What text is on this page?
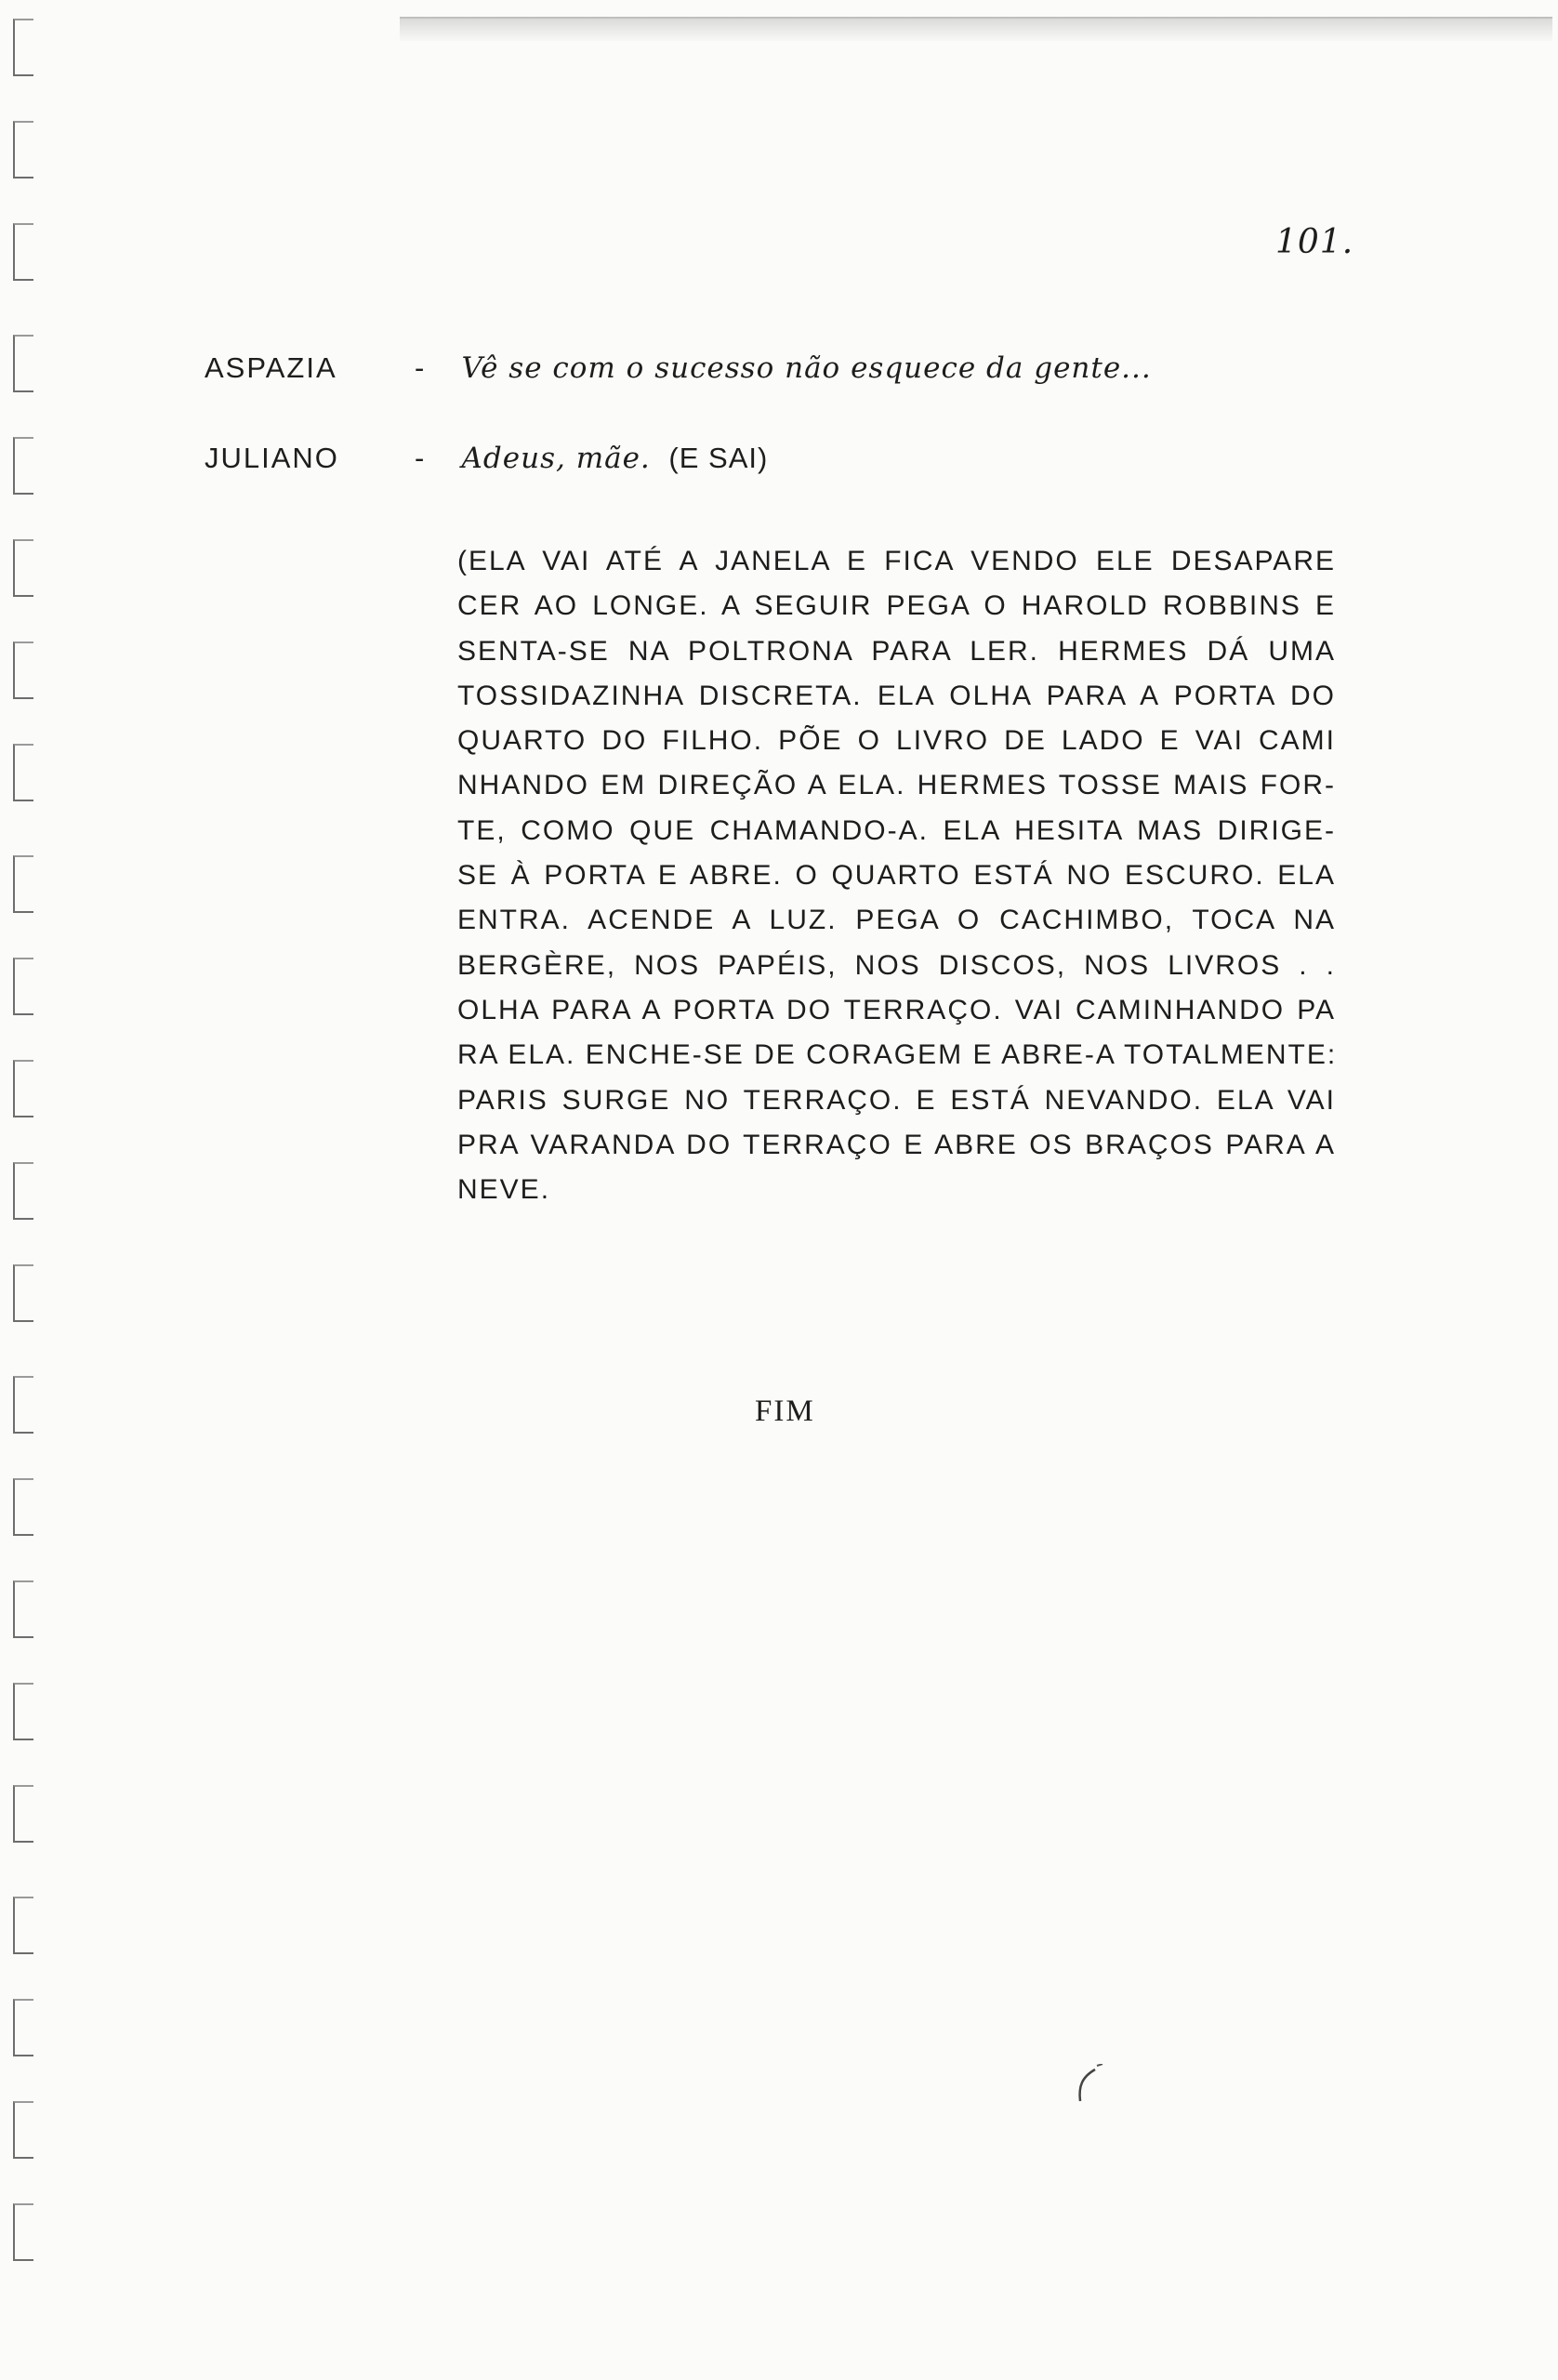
101.
ASPAZIA	- Vê se com o sucesso não esquece da gente...
JULIANO	- Adeus, mãe. (E SAI)
(ELA VAI ATÉ A JANELA E FICA VENDO ELE DESAPARE
CER AO LONGE. A SEGUIR PEGA O HAROLD ROBBINS E
SENTA-SE NA POLTRONA PARA LER. HERMES DÁ UMA
TOSSIDAZINHA DISCRETA. ELA OLHA PARA A PORTA DO
QUARTO DO FILHO. PÕE O LIVRO DE LADO E VAI CAMI
NHANDO EM DIREÇÃO A ELA. HERMES TOSSE MAIS FOR-
TE, COMO QUE CHAMANDO-A. ELA HESITA MAS DIRIGE-
SE À PORTA E ABRE. O QUARTO ESTÁ NO ESCURO. ELA
ENTRA. ACENDE A LUZ. PEGA O CACHIMBO, TOCA NA
BERGÈRE, NOS PAPÉIS, NOS DISCOS, NOS LIVROS . .
OLHA PARA A PORTA DO TERRAÇO. VAI CAMINHANDO PA
RA ELA. ENCHE-SE DE CORAGEM E ABRE-A TOTALMENTE:
PARIS SURGE NO TERRAÇO. E ESTÁ NEVANDO. ELA VAI
PRA VARANDA DO TERRAÇO E ABRE OS BRAÇOS PARA A
NEVE.
FIM
